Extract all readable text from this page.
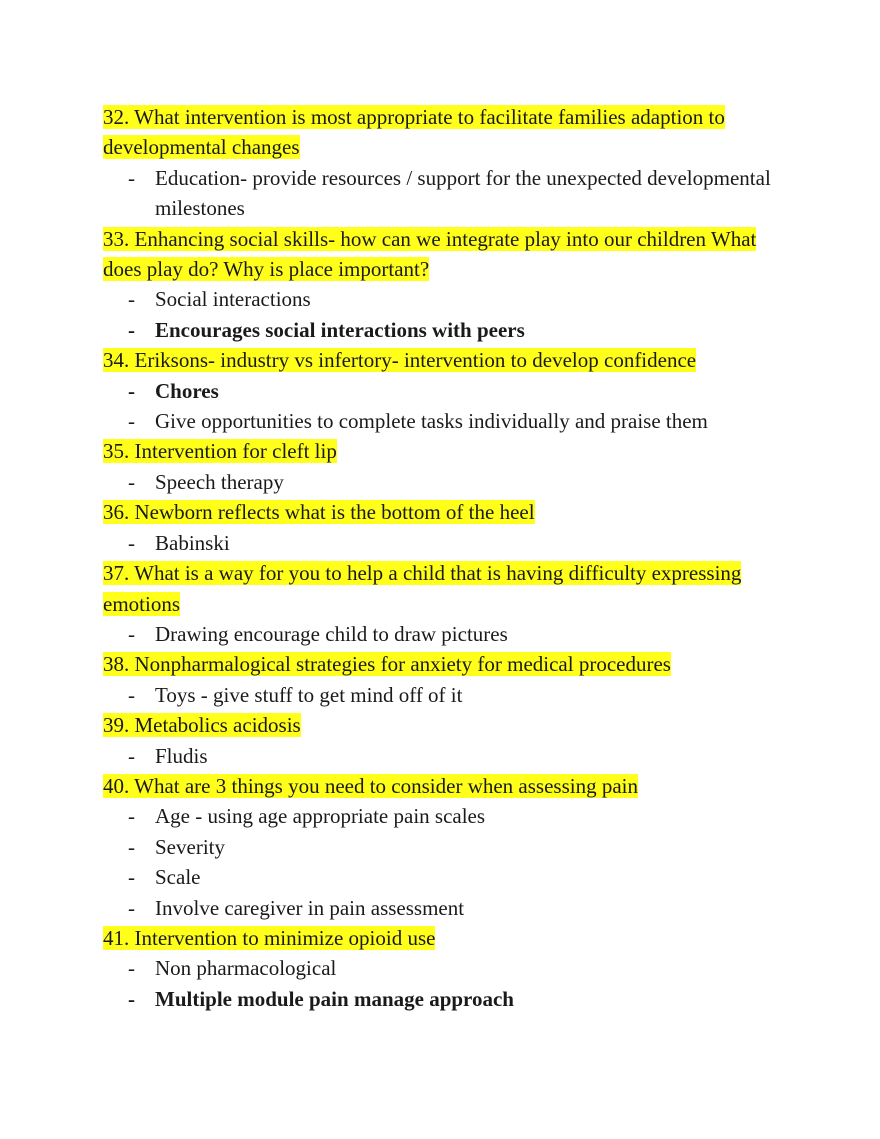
32. What intervention is most appropriate to facilitate families adaption to developmental changes

- Education- provide resources / support for the unexpected developmental milestones

33. Enhancing social skills- how can we integrate play into our children What does play do? Why is place important?

- Social interactions
- Encourages social interactions with peers

34. Eriksons- industry vs infertory- intervention to develop confidence

- Chores
- Give opportunities to complete tasks individually and praise them

35. Intervention for cleft lip

- Speech therapy

36. Newborn reflects what is the bottom of the heel

- Babinski

37. What is a way for you to help a child that is having difficulty expressing emotions

- Drawing encourage child to draw pictures

38. Nonpharmalogical strategies for anxiety for medical procedures

- Toys - give stuff to get mind off of it

39. Metabolics acidosis

- Fludis

40. What are 3 things you need to consider when assessing pain

- Age - using age appropriate pain scales
- Severity
- Scale
- Involve caregiver in pain assessment

41. Intervention to minimize opioid use

- Non pharmacological
- Multiple module pain manage approach
